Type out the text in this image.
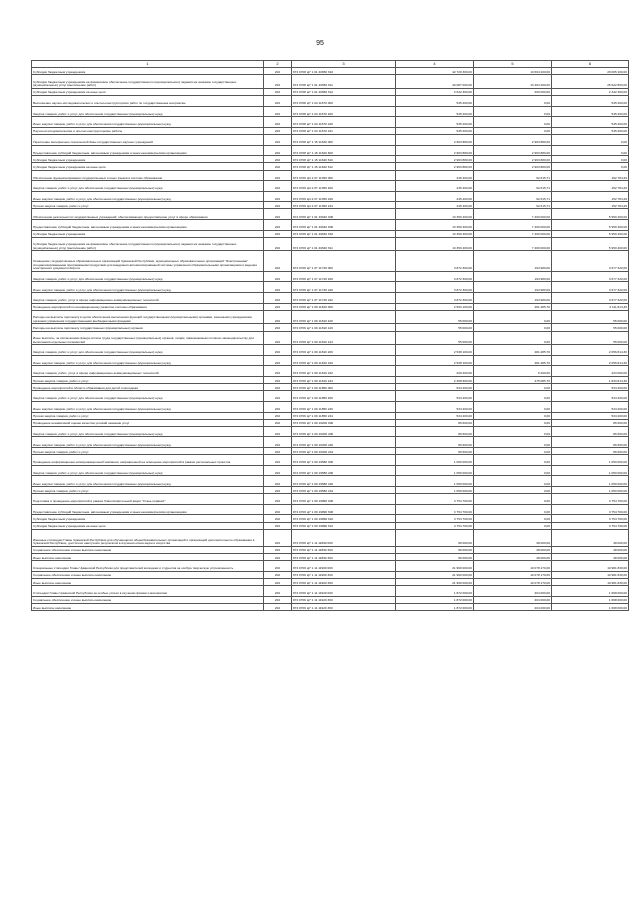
95
1	2	3	4	5	6
Субсидии бюджетным учреждениям	202	874 0708 Ц7 1 01 40650 610	42 729 300,00	13 664 200,00	29 065 100,00
Субсидии бюджетным учреждениям на финансовое обеспечение государственного (муниципального) задания на оказание государственных (муниципальных) услуг (выполнение работ)	202	874 0708 Ц7 1 01 40650 611	40 087 000,00	13 464 200,00	26 622 800,00
Субсидии бюджетным учреждениям на иные цели	202	874 0708 Ц7 1 01 40650 612	2 642 300,00	200 000,00	2 442 300,00
Выполнение научно-исследовательских и опытно-конструкторских работ по государственным контрактам	202	874 0708 Ц7 1 04 11670 000	545 200,00	0,00	545 200,00
Закупка товаров, работ и услуг для обеспечения государственных (муниципальных) нужд	202	874 0708 Ц7 1 04 11670 200	545 200,00	0,00	545 200,00
Иные закупки товаров, работ и услуг для обеспечения государственных (муниципальных) нужд	202	874 0708 Ц7 1 04 11670 240	545 200,00	0,00	545 200,00
Научно-исследовательские и опытно-конструкторские работы	202	874 0708 Ц7 1 04 11670 241	545 200,00	0,00	545 200,00
Укрепление материально-технической базы государственных научных учреждений	202	874 0708 Ц7 1 15 11620 000	2 963 880,00	2 963 880,00	0,00
Предоставление субсидий бюджетным, автономным учреждениям и иным некоммерческим организациям	202	874 0708 Ц7 1 15 11620 600	2 963 880,00	2 963 880,00	0,00
Субсидии бюджетным учреждениям	202	874 0708 Ц7 1 15 11620 610	2 963 880,00	2 963 880,00	0,00
Субсидии бюджетным учреждениям на иные цели	202	874 0708 Ц7 1 15 11620 612	2 963 880,00	2 963 880,00	0,00
Обеспечение функционирования государственных и иных языков в системе образования	202	874 0709 Ц4 2 07 11350 000	245 400,00	92 615,71	152 784,29
Закупка товаров, работ и услуг для обеспечения государственных (муниципальных) нужд	202	874 0709 Ц4 2 07 11350 200	245 400,00	92 615,71	152 784,29
Иные закупки товаров, работ и услуг для обеспечения государственных (муниципальных) нужд	202	874 0709 Ц4 2 07 11350 240	245 400,00	92 615,71	152 784,29
Прочая закупка товаров, работ и услуг	202	874 0709 Ц4 2 07 11350 244	245 400,00	92 615,71	152 784,29
Обеспечение деятельности государственных учреждений, обеспечивающих предоставление услуг в сфере образования	202	874 0709 Ц7 1 01 40640 000	13 350 400,00	7 400 000,00	5 950 400,00
Предоставление субсидий бюджетным, автономным учреждениям и иным некоммерческим организациям	202	874 0709 Ц7 1 01 40640 600	13 350 400,00	7 400 000,00	5 950 400,00
Субсидии бюджетным учреждениям	202	874 0709 Ц7 1 01 40640 610	13 350 400,00	7 400 000,00	5 950 400,00
Субсидии бюджетным учреждениям на финансовое обеспечение государственного (муниципального) задания на оказание государственных (муниципальных) услуг (выполнение работ)	202	874 0709 Ц7 1 01 40640 611	13 350 400,00	7 400 000,00	5 950 400,00
Оснащение государственных образовательных организаций Чувашской Республики, муниципальных образовательных организаций "Электронными" специализированными программными продуктами для внедрения автоматизированной системы управления образовательными организациями и ведения электронного документооборота	202	874 0709 Ц7 1 07 11740 000	3 872 300,00	194 980,00	3 677 320,00
Закупка товаров, работ и услуг для обеспечения государственных (муниципальных) нужд	202	874 0709 Ц7 1 07 11740 200	3 872 300,00	194 980,00	3 677 320,00
Иные закупки товаров, работ и услуг для обеспечения государственных (муниципальных) нужд	202	874 0709 Ц7 1 07 11740 240	3 872 300,00	194 980,00	3 677 320,00
Закупка товаров, работ, услуг в сфере информационно-коммуникационных технологий	202	874 0709 Ц7 1 07 11740 242	3 872 300,00	194 980,00	3 677 320,00
Проведение мероприятий по инновационному развитию системы образования	202	874 0709 Ц7 1 09 11810 000	2 593 100,00	481 285,70	2 111 814,30
Расходы на выплаты персоналу в целях обеспечения выполнения функций государственными (муниципальными) органами, казенными учреждениями, органами управления государственными внебюджетными фондами	202	874 0709 Ц7 1 09 11810 100	55 000,00	0,00	55 000,00
Расходы на выплаты персоналу государственных (муниципальных) органов	202	874 0709 Ц7 1 09 11810 120	55 000,00	0,00	55 000,00
Иные выплаты, за исключением фонда оплаты труда государственных (муниципальных) органов, лицам, привлекаемым согласно законодательству для выполнения отдельных полномочий	202	874 0709 Ц7 1 09 11810 123	55 000,00	0,00	55 000,00
Закупка товаров, работ и услуг для обеспечения государственных (муниципальных) нужд	202	874 0709 Ц7 1 09 11810 200	2 538 100,00	481 285,70	2 056 814,30
Иные закупки товаров, работ и услуг для обеспечения государственных (муниципальных) нужд	202	874 0709 Ц7 1 09 11810 240	2 538 100,00	481 285,70	2 056 814,30
Закупка товаров, работ, услуг в сфере информационно-коммуникационных технологий	202	874 0709 Ц7 1 09 11810 242	229 200,00	6 200,00	223 000,00
Прочая закупка товаров, работ и услуг	202	874 0709 Ц7 1 09 11810 244	2 308 900,00	475 085,70	1 833 814,30
Проведение мероприятий в области образования для детей и молодежи	202	874 0709 Ц7 1 09 11850 000	534 200,00	0,00	534 200,00
Закупка товаров, работ и услуг для обеспечения государственных (муниципальных) нужд	202	874 0709 Ц7 1 09 11850 200	534 200,00	0,00	534 200,00
Иные закупки товаров, работ и услуг для обеспечения государственных (муниципальных) нужд	202	874 0709 Ц7 1 09 11850 240	534 200,00	0,00	534 200,00
Прочая закупка товаров, работ и услуг	202	874 0709 Ц7 1 09 11850 244	534 200,00	0,00	534 200,00
Проведение независимой оценки качества условий оказания услуг	202	874 0709 Ц7 1 09 16200 000	86 600,00	0,00	86 600,00
Закупка товаров, работ и услуг для обеспечения государственных (муниципальных) нужд	202	874 0709 Ц7 1 09 16200 200	86 600,00	0,00	86 600,00
Иные закупки товаров, работ и услуг для обеспечения государственных (муниципальных) нужд	202	874 0709 Ц7 1 09 16200 240	86 600,00	0,00	86 600,00
Прочая закупка товаров, работ и услуг	202	874 0709 Ц7 1 09 16200 244	86 600,00	0,00	86 600,00
Проведение информационно-коммуникационной кампании, направленной на освещение мероприятий в рамках региональных проектов	202	874 0709 Ц7 1 09 19580 000	1 050 000,00	0,00	1 050 000,00
Закупка товаров, работ и услуг для обеспечения государственных (муниципальных) нужд	202	874 0709 Ц7 1 09 19580 200	1 050 000,00	0,00	1 050 000,00
Иные закупки товаров, работ и услуг для обеспечения государственных (муниципальных) нужд	202	874 0709 Ц7 1 09 19580 240	1 050 000,00	0,00	1 050 000,00
Прочая закупка товаров, работ и услуг	202	874 0709 Ц7 1 09 19580 244	1 050 000,00	0,00	1 050 000,00
Подготовка и проведение мероприятий в рамках благотворительной акции "Стань первым!"	202	874 0709 Ц7 1 09 19890 000	3 754 700,00	0,00	3 754 700,00
Предоставление субсидий бюджетным, автономным учреждениям и иным некоммерческим организациям	202	874 0709 Ц7 1 09 19890 600	3 754 700,00	0,00	3 754 700,00
Субсидии бюджетным учреждениям	202	874 0709 Ц7 1 09 19890 610	3 754 700,00	0,00	3 754 700,00
Субсидии бюджетным учреждениям на иные цели	202	874 0709 Ц7 1 09 19890 612	3 754 700,00	0,00	3 754 700,00
Именные стипендии Главы Чувашской Республики для обучающихся общеобразовательных организаций и организаций дополнительного образования в Чувашской Республике, достигших наилучших результатов в изучении основ науки и искусства	202	874 0709 Ц7 1 11 11890 000	96 000,00	48 000,00	48 000,00
Социальное обеспечение и иные выплаты населению	202	874 0709 Ц7 1 11 11890 300	96 000,00	48 000,00	48 000,00
Иные выплаты населению	202	874 0709 Ц7 1 11 11890 360	96 000,00	48 000,00	48 000,00
Специальные стипендии Главы Чувашской Республики для представителей молодежи и студентов за особую творческую устремленность	202	874 0709 Ц7 1 11 11900 000	21 960 000,00	10 078 170,00	10 981 830,00
Социальное обеспечение и иные выплаты населению	202	874 0709 Ц7 1 11 11900 300	21 960 000,00	10 078 170,00	10 981 830,00
Иные выплаты населению	202	874 0709 Ц7 1 11 11900 360	21 960 000,00	10 078 170,00	10 981 830,00
Стипендии Главы Чувашской Республики за особые успехи в изучении физики и математики	202	874 0709 Ц7 1 11 11920 000	1 872 000,00	204 000,00	1 668 000,00
Социальное обеспечение и иные выплаты населению	202	874 0709 Ц7 1 11 11920 300	1 872 000,00	204 000,00	1 668 000,00
Иные выплаты населению	202	874 0709 Ц7 1 11 11920 360	1 872 000,00	204 000,00	1 668 000,00
